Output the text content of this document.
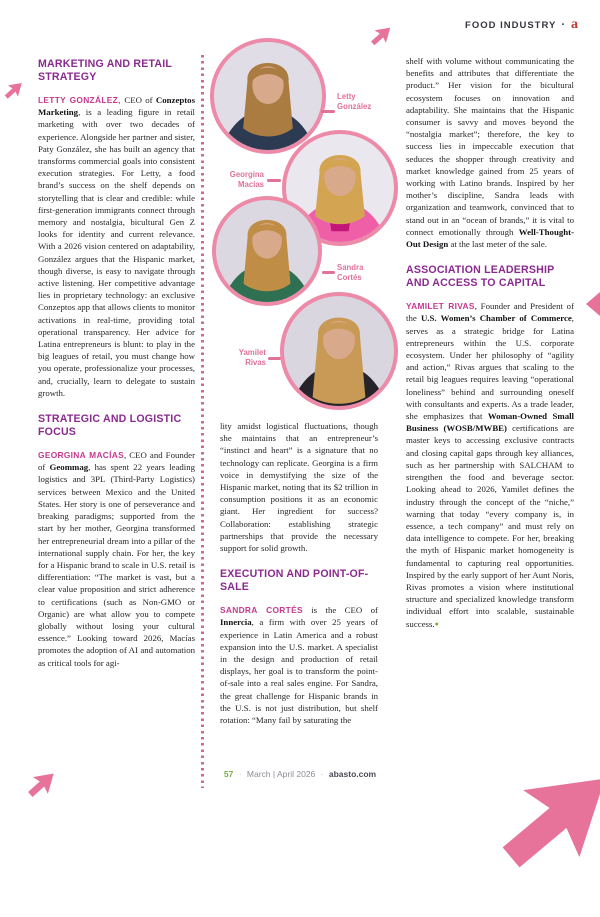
FOOD INDUSTRY · a
Letty
González
Georgina
Macías
Sandra
Cortés
Yamilet
Rivas
MARKETING AND RETAIL STRATEGY

LETTY GONZÁLEZ, CEO of Conzeptos Marketing, is a leading figure in retail marketing with over two decades of experience. Alongside her partner and sister, Paty González, she has built an agency that transforms commercial goals into consistent execution strategies. For Letty, a food brand’s success on the shelf depends on storytelling that is clear and credible: while first-generation immigrants connect through memory and nostalgia, bicultural Gen Z looks for identity and current relevance. With a 2026 vision centered on adaptability, González argues that the Hispanic market, though diverse, is easy to navigate through active listening. Her competitive advantage lies in proprietary technology: an exclusive Conzeptos app that allows clients to monitor activations in real-time, providing total operational transparency. Her advice for Latina entrepreneurs is blunt: to play in the big leagues of retail, you must change how you operate, professionalize your processes, and, crucially, learn to delegate to sustain growth.

STRATEGIC AND LOGISTIC FOCUS

GEORGINA MACÍAS, CEO and Founder of Geommag, has spent 22 years leading logistics and 3PL (Third-Party Logistics) services between Mexico and the United States. Her story is one of perseverance and breaking paradigms; supported from the start by her mother, Georgina transformed her entrepreneurial dream into a pillar of the international supply chain. For her, the key for a Hispanic brand to scale in U.S. retail is differentiation: “The market is vast, but a clear value proposition and strict adherence to certifications (such as Non-GMO or Organic) are what allow you to compete globally without losing your cultural essence.” Looking toward 2026, Macías promotes the adoption of AI and automation as critical tools for agi-

lity amidst logistical fluctuations, though she maintains that an entrepreneur’s “instinct and heart” is a signature that no technology can replicate. Georgina is a firm voice in demystifying the size of the Hispanic market, noting that its $2 trillion in consumption positions it as an economic giant. Her ingredient for success? Collaboration: establishing strategic partnerships that provide the necessary support for solid growth.

EXECUTION AND POINT-OF-SALE

SANDRA CORTÉS is the CEO of Innercia, a firm with over 25 years of experience in Latin America and a robust expansion into the U.S. market. A specialist in the design and production of retail displays, her goal is to transform the point-of-sale into a real sales engine. For Sandra, the great challenge for Hispanic brands in the U.S. is not just distribution, but shelf rotation: “Many fail by saturating the

shelf with volume without communicating the benefits and attributes that differentiate the product.” Her vision for the bicultural ecosystem focuses on innovation and adaptability. She maintains that the Hispanic consumer is savvy and moves beyond the “nostalgia market”; therefore, the key to success lies in impeccable execution that seduces the shopper through creativity and market knowledge gained from 25 years of working with Latino brands. Inspired by her mother’s discipline, Sandra leads with organization and teamwork, convinced that to stand out in an “ocean of brands,” it is vital to connect emotionally through Well-Thought-Out Design at the last meter of the sale.

ASSOCIATION LEADERSHIP AND ACCESS TO CAPITAL

YAMILET RIVAS, Founder and President of the U.S. Women’s Chamber of Commerce, serves as a strategic bridge for Latina entrepreneurs within the U.S. corporate ecosystem. Under her philosophy of “agility and action,” Rivas argues that scaling to the retail big leagues requires leaving “operational loneliness” behind and surrounding oneself with consultants and experts. As a trade leader, she emphasizes that Woman-Owned Small Business (WOSB/MWBE) certifications are master keys to accessing exclusive contracts and closing capital gaps through key alliances, such as her partnership with SALCHAM to strengthen the food and beverage sector. Looking ahead to 2026, Yamilet defines the industry through the concept of the “niche,” warning that today “every company is, in essence, a tech company” and must rely on data intelligence to compete. For her, breaking the myth of Hispanic market homogeneity is fundamental to capturing real opportunities. Inspired by the early support of her Aunt Noris, Rivas promotes a vision where institutional structure and specialized knowledge transform individual effort into scalable, sustainable success.●

57 · March | April 2026 · abasto.com
